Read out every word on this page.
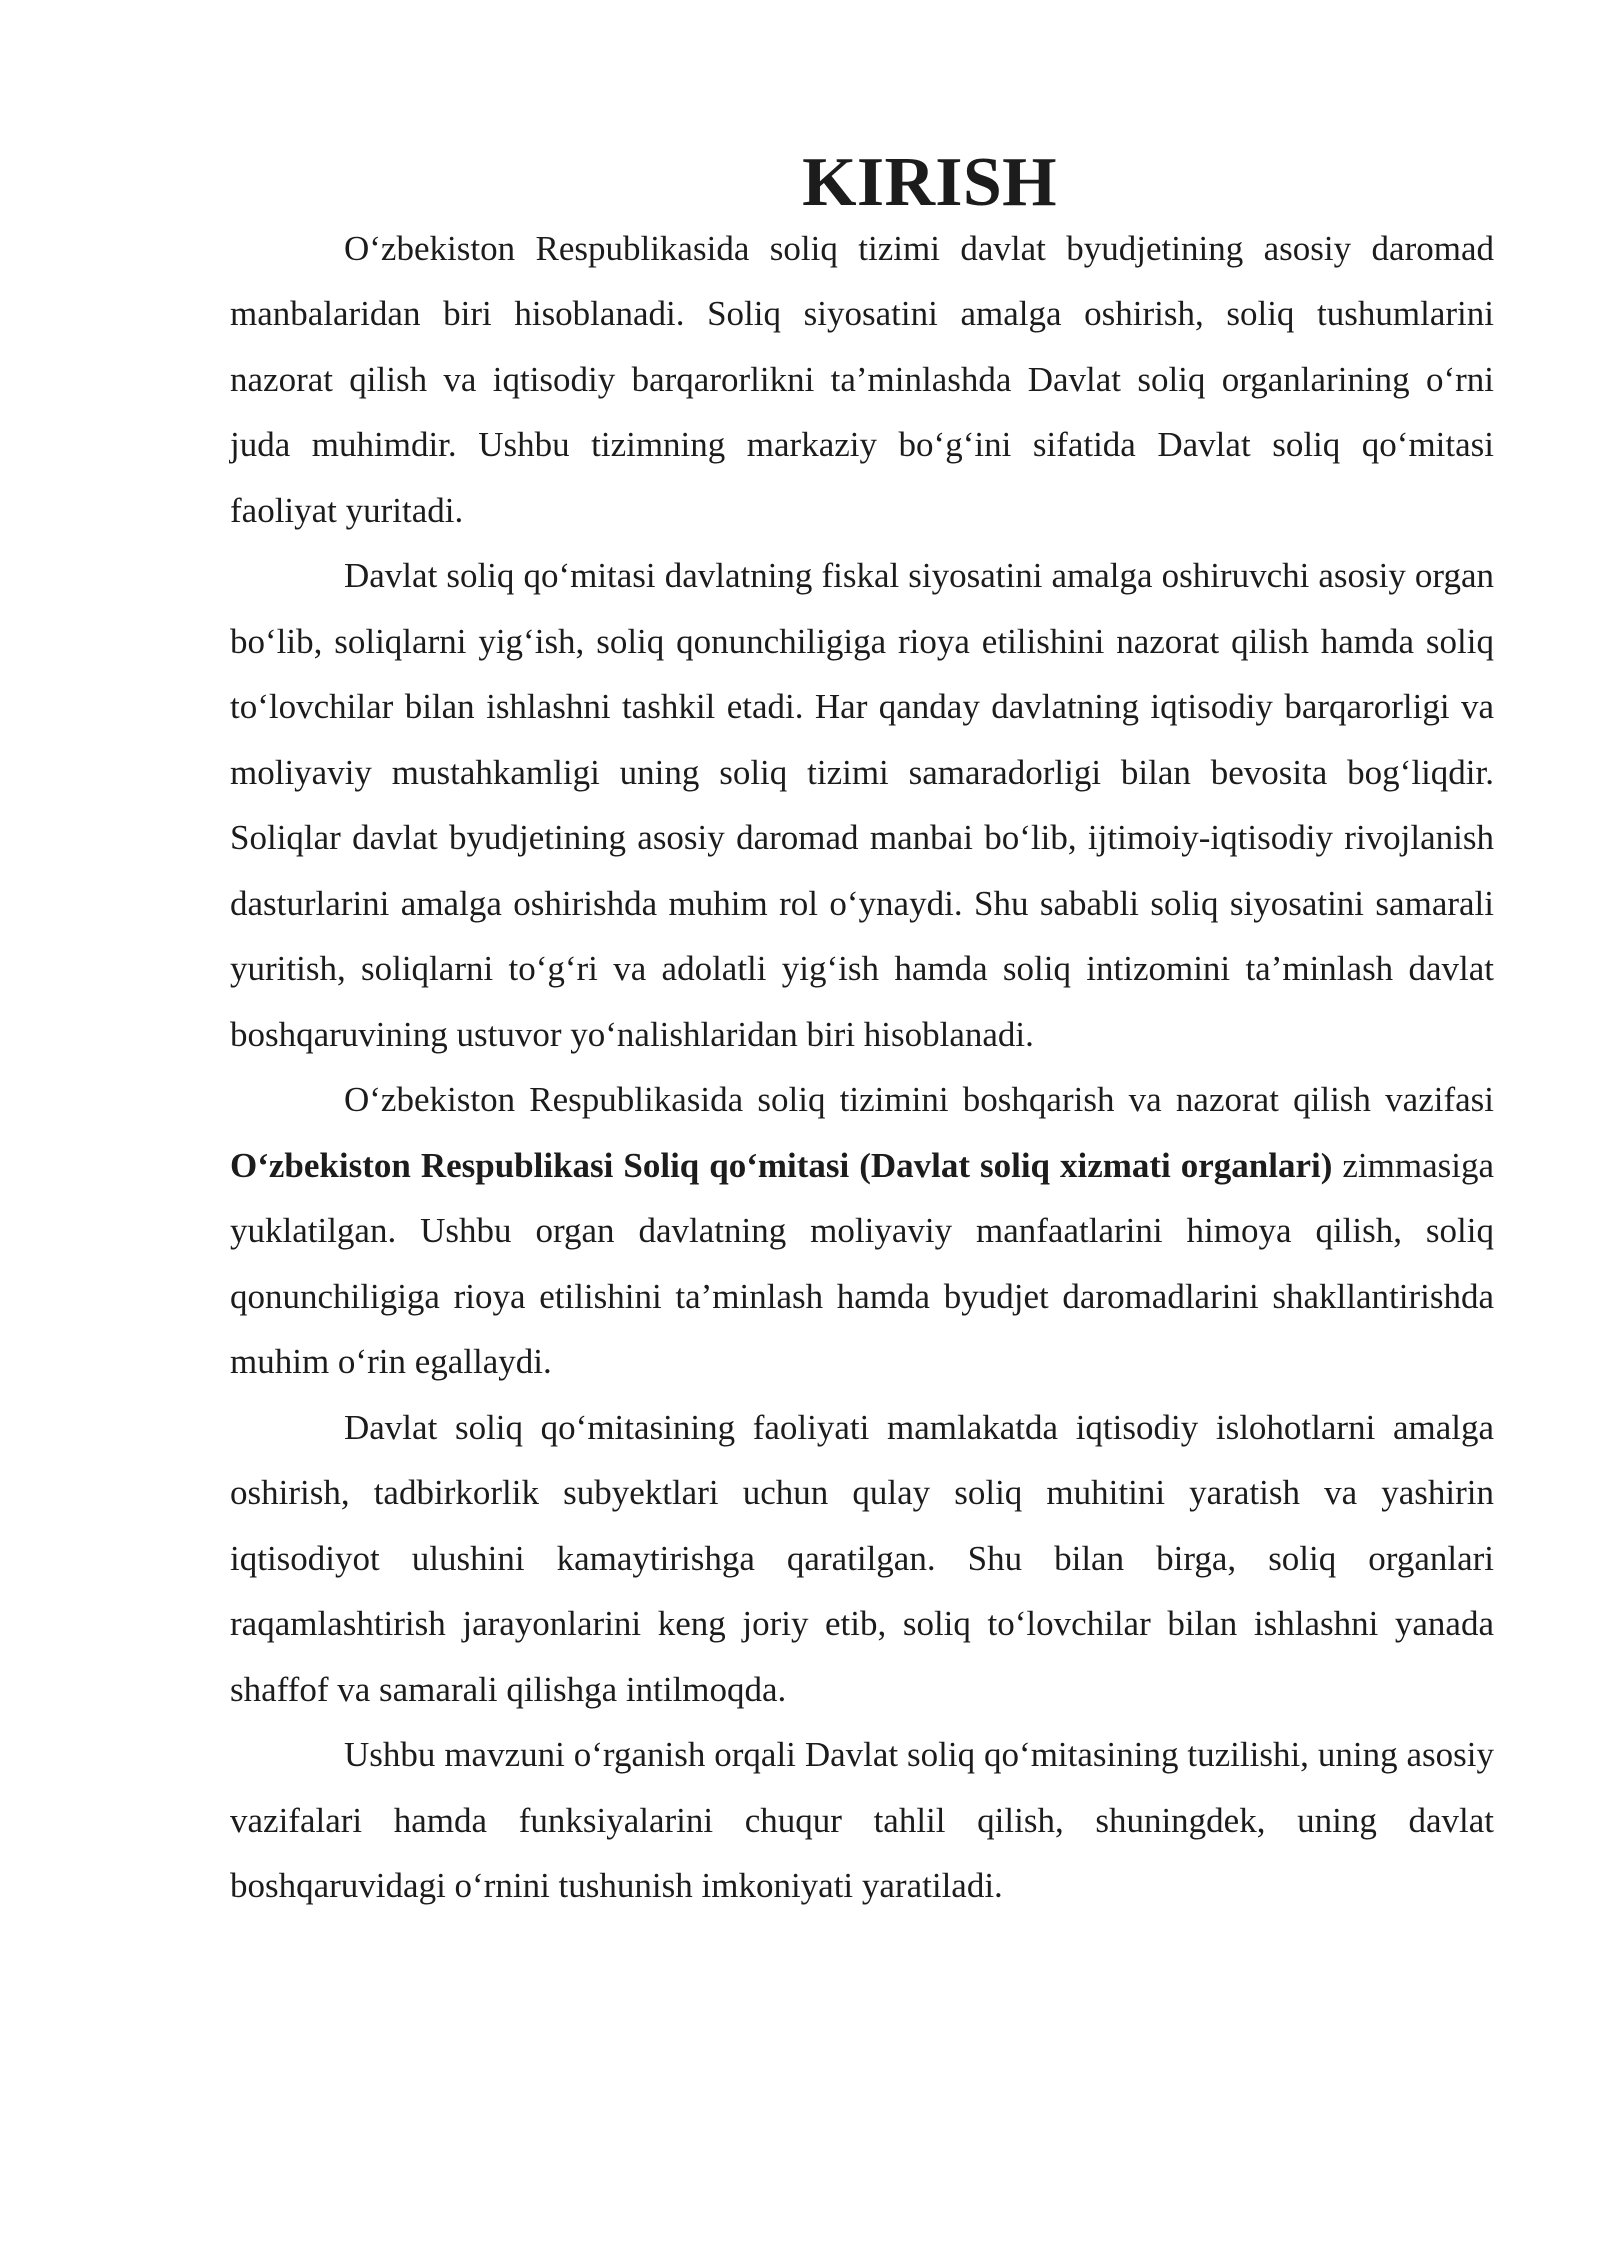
KIRISH

O‘zbekiston Respublikasida soliq tizimi davlat byudjetining asosiy daromad manbalaridan biri hisoblanadi. Soliq siyosatini amalga oshirish, soliq tushumlarini nazorat qilish va iqtisodiy barqarorlikni ta’minlashda Davlat soliq organlarining o‘rni juda muhimdir. Ushbu tizimning markaziy bo‘g‘ini sifatida Davlat soliq qo‘mitasi faoliyat yuritadi.

Davlat soliq qo‘mitasi davlatning fiskal siyosatini amalga oshiruvchi asosiy organ bo‘lib, soliqlarni yig‘ish, soliq qonunchiligiga rioya etilishini nazorat qilish hamda soliq to‘lovchilar bilan ishlashni tashkil etadi. Har qanday davlatning iqtisodiy barqarorligi va moliyaviy mustahkamligi uning soliq tizimi samaradorligi bilan bevosita bog‘liqdir. Soliqlar davlat byudjetining asosiy daromad manbai bo‘lib, ijtimoiy-iqtisodiy rivojlanish dasturlarini amalga oshirishda muhim rol o‘ynaydi. Shu sababli soliq siyosatini samarali yuritish, soliqlarni to‘g‘ri va adolatli yig‘ish hamda soliq intizomini ta’minlash davlat boshqaruvining ustuvor yo‘nalishlaridan biri hisoblanadi.

O‘zbekiston Respublikasida soliq tizimini boshqarish va nazorat qilish vazifasi O‘zbekiston Respublikasi Soliq qo‘mitasi (Davlat soliq xizmati organlari) zimmasiga yuklatilgan. Ushbu organ davlatning moliyaviy manfaatlarini himoya qilish, soliq qonunchiligiga rioya etilishini ta’minlash hamda byudjet daromadlarini shakllantirishda muhim o‘rin egallaydi.

Davlat soliq qo‘mitasining faoliyati mamlakatda iqtisodiy islohotlarni amalga oshirish, tadbirkorlik subyektlari uchun qulay soliq muhitini yaratish va yashirin iqtisodiyot ulushini kamaytirishga qaratilgan. Shu bilan birga, soliq organlari raqamlashtirish jarayonlarini keng joriy etib, soliq to‘lovchilar bilan ishlashni yanada shaffof va samarali qilishga intilmoqda.

Ushbu mavzuni o‘rganish orqali Davlat soliq qo‘mitasining tuzilishi, uning asosiy vazifalari hamda funksiyalarini chuqur tahlil qilish, shuningdek, uning davlat boshqaruvidagi o‘rnini tushunish imkoniyati yaratiladi.
